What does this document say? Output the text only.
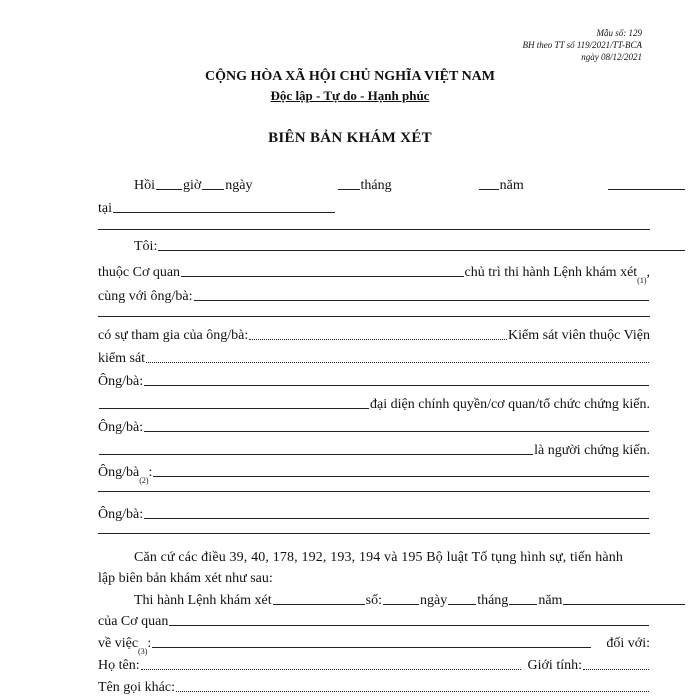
Mẫu số: 129
BH theo TT số 119/2021/TT-BCA
ngày 08/12/2021
CỘNG HÒA XÃ HỘI CHỦ NGHĨA VIỆT NAM
Độc lập - Tự do - Hạnh phúc
BIÊN BẢN KHÁM XÉT
Hồi giờ ngày	tháng	năm
tại
Tôi:
thuộc Cơ quan	chủ trì thi hành Lệnh khám xét
(1)
,
cùng với ông/bà:
có sự tham gia của ông/bà:	Kiểm sát viên thuộc Viện
kiểm sát
Ông/bà:
đại diện chính quyền/cơ quan/tổ chức chứng kiến.
Ông/bà:
là người chứng kiến.
Ông/bà
(2)
:
Ông/bà:
Căn cứ các điều 39, 40, 178, 192, 193, 194 và 195 Bộ luật Tố tụng hình sự, tiến hành
lập biên bản khám xét như sau:
Thi hành Lệnh khám xét	số:	ngày tháng năm
của Cơ quan
về việc
(3)
:	đối với:
Họ tên:	Giới tính:
Tên gọi khác:
